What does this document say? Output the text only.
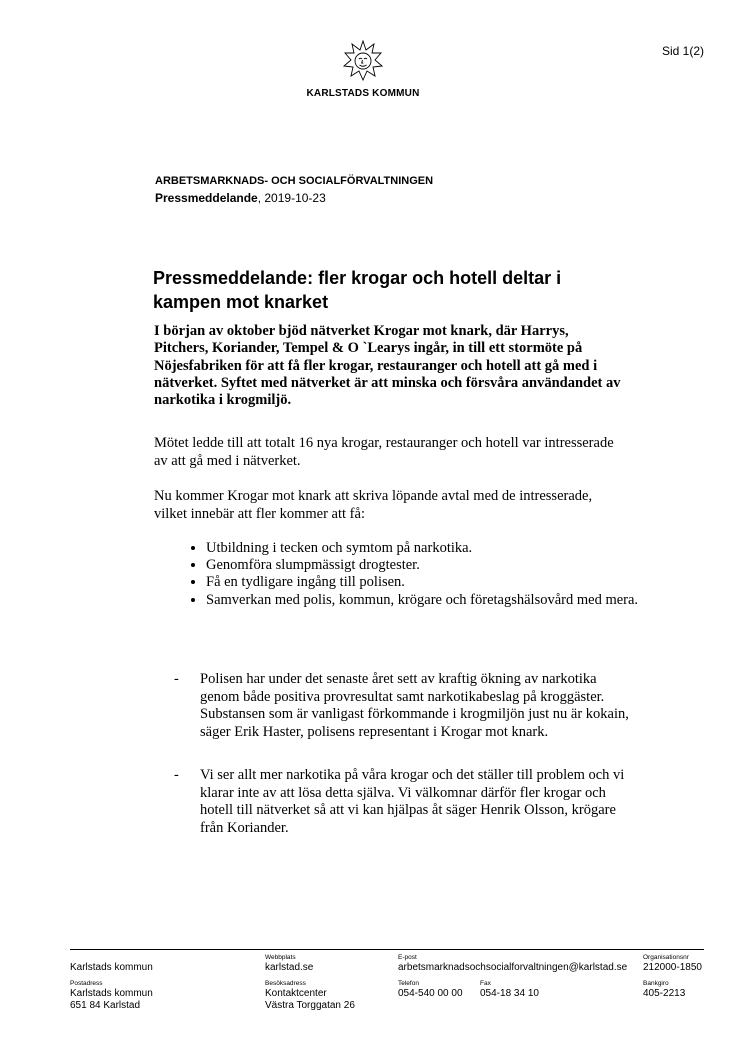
Sid 1(2)
KARLSTADS KOMMUN
ARBETSMARKNADS- OCH SOCIALFÖRVALTNINGEN
Pressmeddelande, 2019-10-23
Pressmeddelande: fler krogar och hotell deltar i kampen mot knarket
I början av oktober bjöd nätverket Krogar mot knark, där Harrys, Pitchers, Koriander, Tempel & O `Learys ingår, in till ett stormöte på Nöjesfabriken för att få fler krogar, restauranger och hotell att gå med i nätverket. Syftet med nätverket är att minska och försvåra användandet av narkotika i krogmiljö.
Mötet ledde till att totalt 16 nya krogar, restauranger och hotell var intresserade av att gå med i nätverket.
Nu kommer Krogar mot knark att skriva löpande avtal med de intresserade, vilket innebär att fler kommer att få:
• Utbildning i tecken och symtom på narkotika.
• Genomföra slumpmässigt drogtester.
• Få en tydligare ingång till polisen.
• Samverkan med polis, kommun, krögare och företagshälsovård med mera.
- Polisen har under det senaste året sett av kraftig ökning av narkotika genom både positiva provresultat samt narkotikabeslag på kroggäster. Substansen som är vanligast förkommande i krogmiljön just nu är kokain, säger Erik Haster, polisens representant i Krogar mot knark.
- Vi ser allt mer narkotika på våra krogar och det ställer till problem och vi klarar inte av att lösa detta själva. Vi välkomnar därför fler krogar och hotell till nätverket så att vi kan hjälpas åt säger Henrik Olsson, krögare från Koriander.
Karlstads kommun
Webbplats
karlstad.se
E-post
arbetsmarknadsochsocialforvaltningen@karlstad.se
Organisationsnr
212000-1850
Postadress
Karlstads kommun
651 84 Karlstad
Besöksadress
Kontaktcenter
Västra Torggatan 26
Telefon
054-540 00 00
Fax
054-18 34 10
Bankgiro
405-2213
